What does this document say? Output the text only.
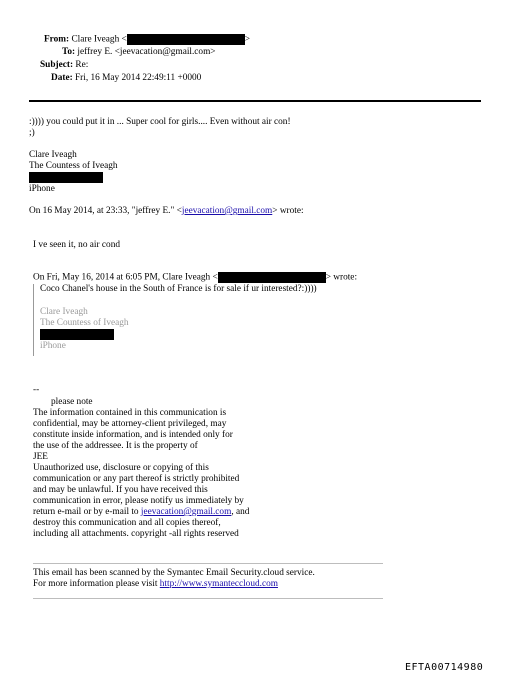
From: Clare Iveagh <	>
To: jeffrey E. <jeevacation@gmail.com>
Subject: Re:
Date: Fri, 16 May 2014 22:49:11 +0000
:)))) you could put it in ... Super cool for girls.... Even without air con!
;)
Clare Iveagh
The Countess of Iveagh
iPhone
On 16 May 2014, at 23:33, "jeffrey E." <jeevacation@gmail.com> wrote:
I ve seen it, no air cond
On Fri, May 16, 2014 at 6:05 PM, Clare Iveagh <	> wrote:
Coco Chanel's house in the South of France is for sale if ur interested?:))))
Clare Iveagh
The Countess of Iveagh
iPhone
--
please note
The information contained in this communication is
confidential, may be attorney-client privileged, may
constitute inside information, and is intended only for
the use of the addressee. It is the property of
JEE
Unauthorized use, disclosure or copying of this
communication or any part thereof is strictly prohibited
and may be unlawful. If you have received this
communication in error, please notify us immediately by
return e-mail or by e-mail to jeevacation@gmail.com, and
destroy this communication and all copies thereof,
including all attachments. copyright -all rights reserved
This email has been scanned by the Symantec Email Security.cloud service.
For more information please visit http://www.symanteccloud.com
EFTA00714980
